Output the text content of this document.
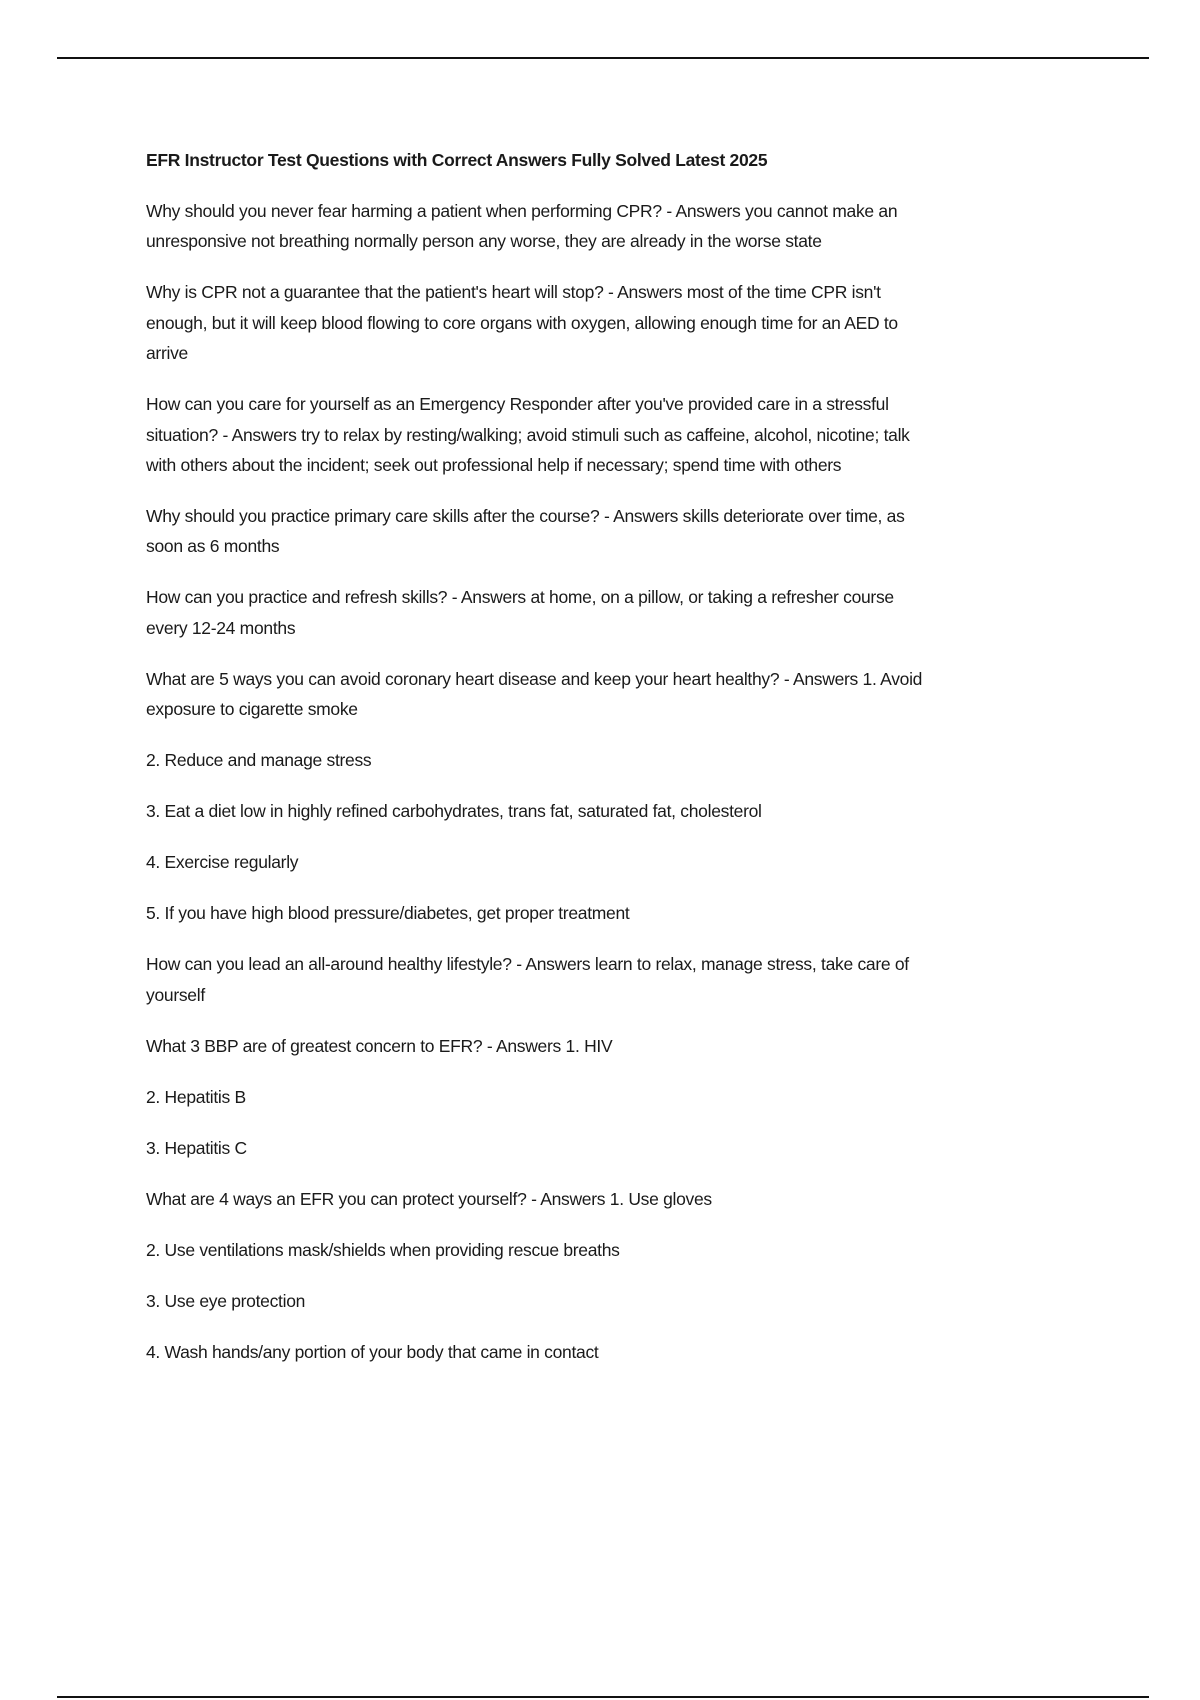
EFR Instructor Test Questions with Correct Answers Fully Solved Latest 2025
Why should you never fear harming a patient when performing CPR? - Answers you cannot make an
unresponsive not breathing normally person any worse, they are already in the worse state
Why is CPR not a guarantee that the patient's heart will stop? - Answers most of the time CPR isn't
enough, but it will keep blood flowing to core organs with oxygen, allowing enough time for an AED to
arrive
How can you care for yourself as an Emergency Responder after you've provided care in a stressful
situation? - Answers try to relax by resting/walking; avoid stimuli such as caffeine, alcohol, nicotine; talk
with others about the incident; seek out professional help if necessary; spend time with others
Why should you practice primary care skills after the course? - Answers skills deteriorate over time, as
soon as 6 months
How can you practice and refresh skills? - Answers at home, on a pillow, or taking a refresher course
every 12-24 months
What are 5 ways you can avoid coronary heart disease and keep your heart healthy? - Answers 1. Avoid
exposure to cigarette smoke
2. Reduce and manage stress
3. Eat a diet low in highly refined carbohydrates, trans fat, saturated fat, cholesterol
4. Exercise regularly
5. If you have high blood pressure/diabetes, get proper treatment
How can you lead an all-around healthy lifestyle? - Answers learn to relax, manage stress, take care of
yourself
What 3 BBP are of greatest concern to EFR? - Answers 1. HIV
2. Hepatitis B
3. Hepatitis C
What are 4 ways an EFR you can protect yourself? - Answers 1. Use gloves
2. Use ventilations mask/shields when providing rescue breaths
3. Use eye protection
4. Wash hands/any portion of your body that came in contact
